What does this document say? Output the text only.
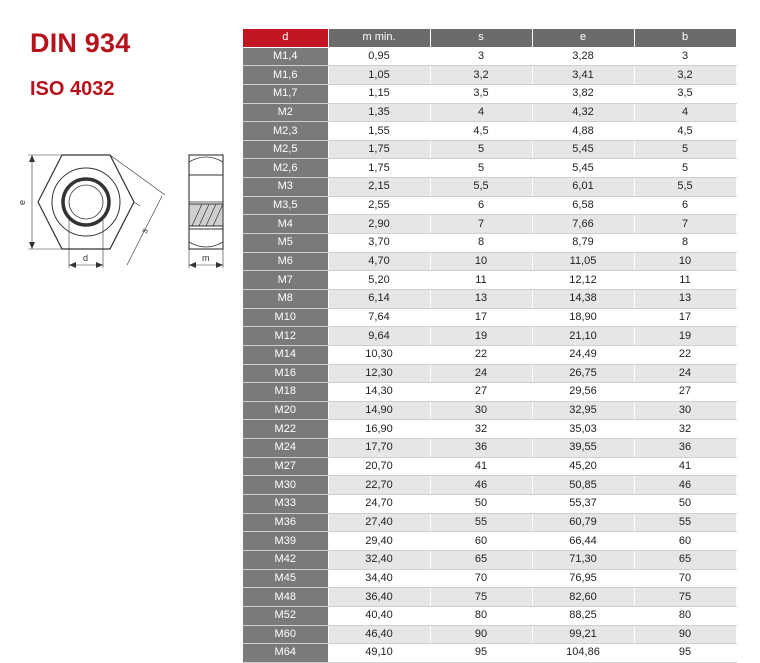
DIN 934
ISO 4032
e
d
s
m
d	m min.	s	e	b
M1,4	0,95	3	3,28	3
M1,6	1,05	3,2	3,41	3,2
M1,7	1,15	3,5	3,82	3,5
M2	1,35	4	4,32	4
M2,3	1,55	4,5	4,88	4,5
M2,5	1,75	5	5,45	5
M2,6	1,75	5	5,45	5
M3	2,15	5,5	6,01	5,5
M3,5	2,55	6	6,58	6
M4	2,90	7	7,66	7
M5	3,70	8	8,79	8
M6	4,70	10	11,05	10
M7	5,20	11	12,12	11
M8	6,14	13	14,38	13
M10	7,64	17	18,90	17
M12	9,64	19	21,10	19
M14	10,30	22	24,49	22
M16	12,30	24	26,75	24
M18	14,30	27	29,56	27
M20	14,90	30	32,95	30
M22	16,90	32	35,03	32
M24	17,70	36	39,55	36
M27	20,70	41	45,20	41
M30	22,70	46	50,85	46
M33	24,70	50	55,37	50
M36	27,40	55	60,79	55
M39	29,40	60	66,44	60
M42	32,40	65	71,30	65
M45	34,40	70	76,95	70
M48	36,40	75	82,60	75
M52	40,40	80	88,25	80
M60	46,40	90	99,21	90
M64	49,10	95	104,86	95
